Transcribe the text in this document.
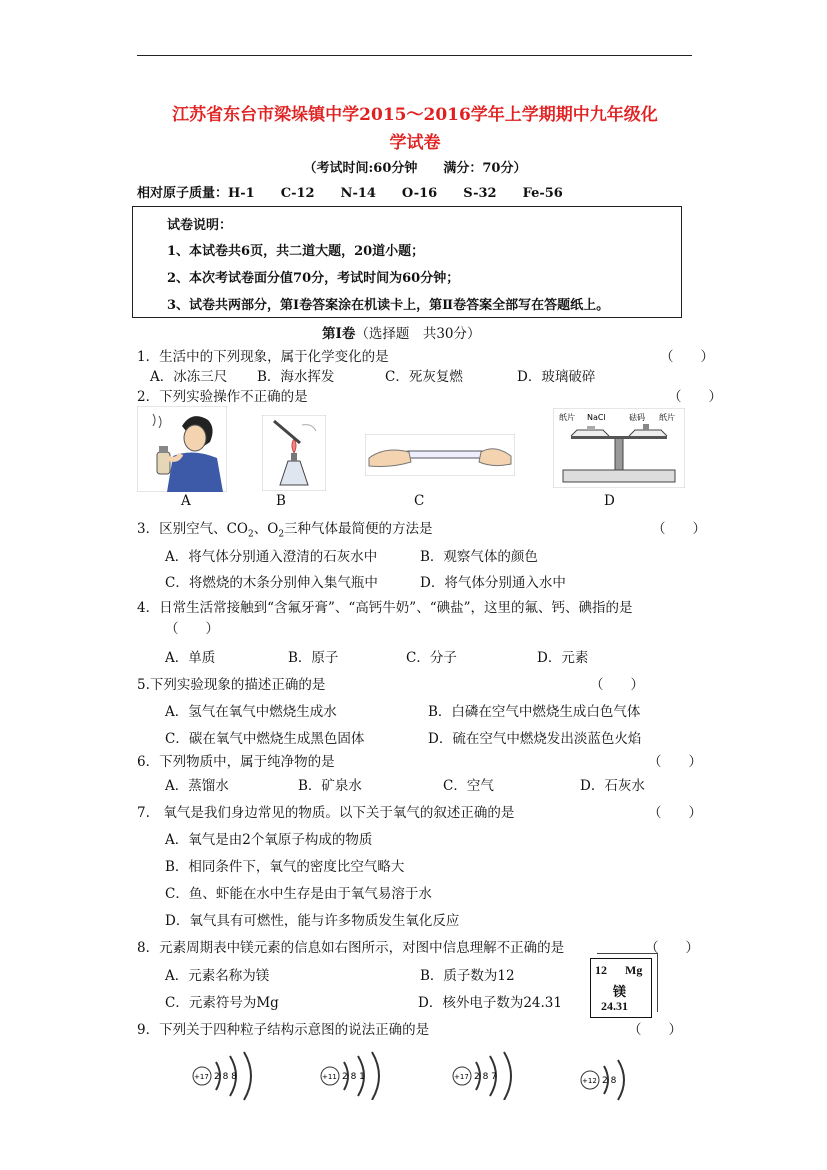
江苏省东台市梁垛镇中学2015～2016学年上学期期中九年级化
学试卷
（考试时间:60分钟　　满分：70分）
相对原子质量：H-1　　C-12　　N-14　　O-16　　S-32　　Fe-56
试卷说明：
1、本试卷共6页，共二道大题，20道小题；
2、本次考试卷面分值70分，考试时间为60分钟；
3、试卷共两部分，第Ⅰ卷答案涂在机读卡上，第Ⅱ卷答案全部写在答题纸上。
第Ⅰ卷（选择题　共30分）
1．生活中的下列现象，属于化学变化的是	（　　）
A．冰冻三尺 B．海水挥发	C．死灰复燃	D．玻璃破碎
2．下列实验操作不正确的是	（　　）
纸片 NaCl	砝码 纸片
A	B	C	D
3．区别空气、$CO_2$、$O_2$三种气体最简便的方法是	（　　）
A．将气体分别通入澄清的石灰水中	B．观察气体的颜色
C．将燃烧的木条分别伸入集气瓶中	D．将气体分别通入水中
4．日常生活常接触到“含氟牙膏”、“高钙牛奶”、“碘盐”，这里的氟、钙、碘指的是
（　　）
A．单质	B．原子	C．分子	D．元素
5.下列实验现象的描述正确的是	（　　）
A．氢气在氧气中燃烧生成水	B．白磷在空气中燃烧生成白色气体
C．碳在氧气中燃烧生成黑色固体	D．硫在空气中燃烧发出淡蓝色火焰
6．下列物质中，属于纯净物的是	（　　）
A．蒸馏水	B．矿泉水	C．空气	D．石灰水
7.　氧气是我们身边常见的物质。以下关于氧气的叙述正确的是	（　　）
A．氧气是由2个氧原子构成的物质
B．相同条件下，氧气的密度比空气略大
C．鱼、虾能在水中生存是由于氧气易溶于水
D．氧气具有可燃性，能与许多物质发生氧化反应
8．元素周期表中镁元素的信息如右图所示，对图中信息理解不正确的是	（　　）
A．元素名称为镁	B．质子数为12
C．元素符号为Mg	D．核外电子数为24.31
12 Mg
镁
24.31
9．下列关于四种粒子结构示意图的说法正确的是	（　　）
+17 2 8 8	+11 2 8 1	+17 2 8 7	+12 2 8
